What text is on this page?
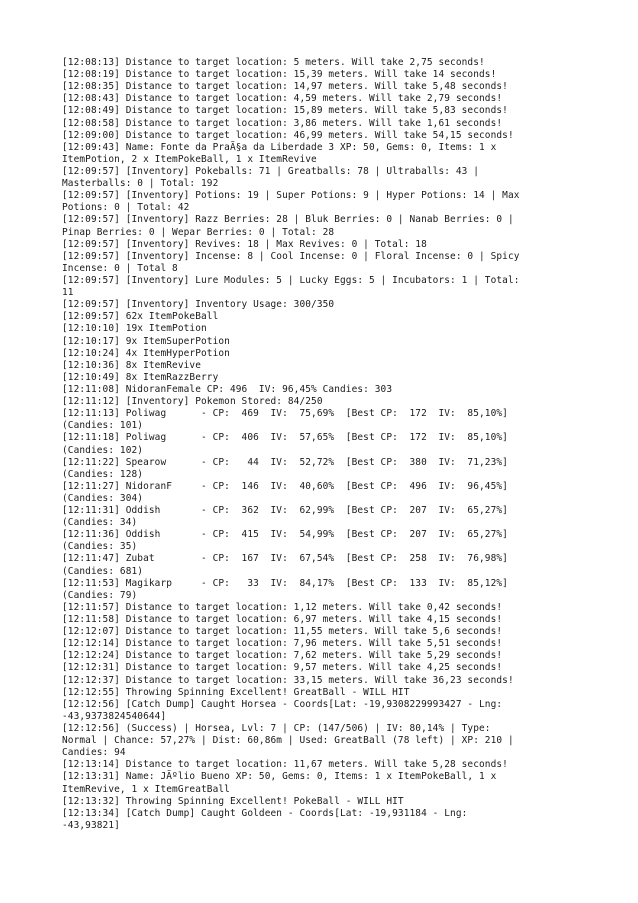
[12:08:13] Distance to target location: 5 meters. Will take 2,75 seconds!
[12:08:19] Distance to target location: 15,39 meters. Will take 14 seconds!
[12:08:35] Distance to target location: 14,97 meters. Will take 5,48 seconds!
[12:08:43] Distance to target location: 4,59 meters. Will take 2,79 seconds!
[12:08:49] Distance to target location: 15,89 meters. Will take 5,83 seconds!
[12:08:58] Distance to target location: 3,86 meters. Will take 1,61 seconds!
[12:09:00] Distance to target location: 46,99 meters. Will take 54,15 seconds!
[12:09:43] Name: Fonte da PraÃ§a da Liberdade 3 XP: 50, Gems: 0, Items: 1 x
ItemPotion, 2 x ItemPokeBall, 1 x ItemRevive
[12:09:57] [Inventory] Pokeballs: 71 | Greatballs: 78 | Ultraballs: 43 |
Masterballs: 0 | Total: 192
[12:09:57] [Inventory] Potions: 19 | Super Potions: 9 | Hyper Potions: 14 | Max
Potions: 0 | Total: 42
[12:09:57] [Inventory] Razz Berries: 28 | Bluk Berries: 0 | Nanab Berries: 0 |
Pinap Berries: 0 | Wepar Berries: 0 | Total: 28
[12:09:57] [Inventory] Revives: 18 | Max Revives: 0 | Total: 18
[12:09:57] [Inventory] Incense: 8 | Cool Incense: 0 | Floral Incense: 0 | Spicy
Incense: 0 | Total 8
[12:09:57] [Inventory] Lure Modules: 5 | Lucky Eggs: 5 | Incubators: 1 | Total:
11
[12:09:57] [Inventory] Inventory Usage: 300/350
[12:09:57] 62x ItemPokeBall
[12:10:10] 19x ItemPotion
[12:10:17] 9x ItemSuperPotion
[12:10:24] 4x ItemHyperPotion
[12:10:36] 8x ItemRevive
[12:10:49] 8x ItemRazzBerry
[12:11:08] NidoranFemale CP: 496  IV: 96,45% Candies: 303
[12:11:12] [Inventory] Pokemon Stored: 84/250
[12:11:13] Poliwag      - CP:  469  IV:  75,69%  [Best CP:  172  IV:  85,10%]
(Candies: 101)
[12:11:18] Poliwag      - CP:  406  IV:  57,65%  [Best CP:  172  IV:  85,10%]
(Candies: 102)
[12:11:22] Spearow      - CP:   44  IV:  52,72%  [Best CP:  380  IV:  71,23%]
(Candies: 128)
[12:11:27] NidoranF     - CP:  146  IV:  40,60%  [Best CP:  496  IV:  96,45%]
(Candies: 304)
[12:11:31] Oddish       - CP:  362  IV:  62,99%  [Best CP:  207  IV:  65,27%]
(Candies: 34)
[12:11:36] Oddish       - CP:  415  IV:  54,99%  [Best CP:  207  IV:  65,27%]
(Candies: 35)
[12:11:47] Zubat        - CP:  167  IV:  67,54%  [Best CP:  258  IV:  76,98%]
(Candies: 681)
[12:11:53] Magikarp     - CP:   33  IV:  84,17%  [Best CP:  133  IV:  85,12%]
(Candies: 79)
[12:11:57] Distance to target location: 1,12 meters. Will take 0,42 seconds!
[12:11:58] Distance to target location: 6,97 meters. Will take 4,15 seconds!
[12:12:07] Distance to target location: 11,55 meters. Will take 5,6 seconds!
[12:12:14] Distance to target location: 7,96 meters. Will take 5,51 seconds!
[12:12:24] Distance to target location: 7,62 meters. Will take 5,29 seconds!
[12:12:31] Distance to target location: 9,57 meters. Will take 4,25 seconds!
[12:12:37] Distance to target location: 33,15 meters. Will take 36,23 seconds!
[12:12:55] Throwing Spinning Excellent! GreatBall - WILL HIT
[12:12:56] [Catch Dump] Caught Horsea - Coords[Lat: -19,9308229993427 - Lng:
-43,9373824540644]
[12:12:56] (Success) | Horsea, Lvl: 7 | CP: (147/506) | IV: 80,14% | Type:
Normal | Chance: 57,27% | Dist: 60,86m | Used: GreatBall (78 left) | XP: 210 |
Candies: 94
[12:13:14] Distance to target location: 11,67 meters. Will take 5,28 seconds!
[12:13:31] Name: JÃºlio Bueno XP: 50, Gems: 0, Items: 1 x ItemPokeBall, 1 x
ItemRevive, 1 x ItemGreatBall
[12:13:32] Throwing Spinning Excellent! PokeBall - WILL HIT
[12:13:34] [Catch Dump] Caught Goldeen - Coords[Lat: -19,931184 - Lng:
-43,93821]
